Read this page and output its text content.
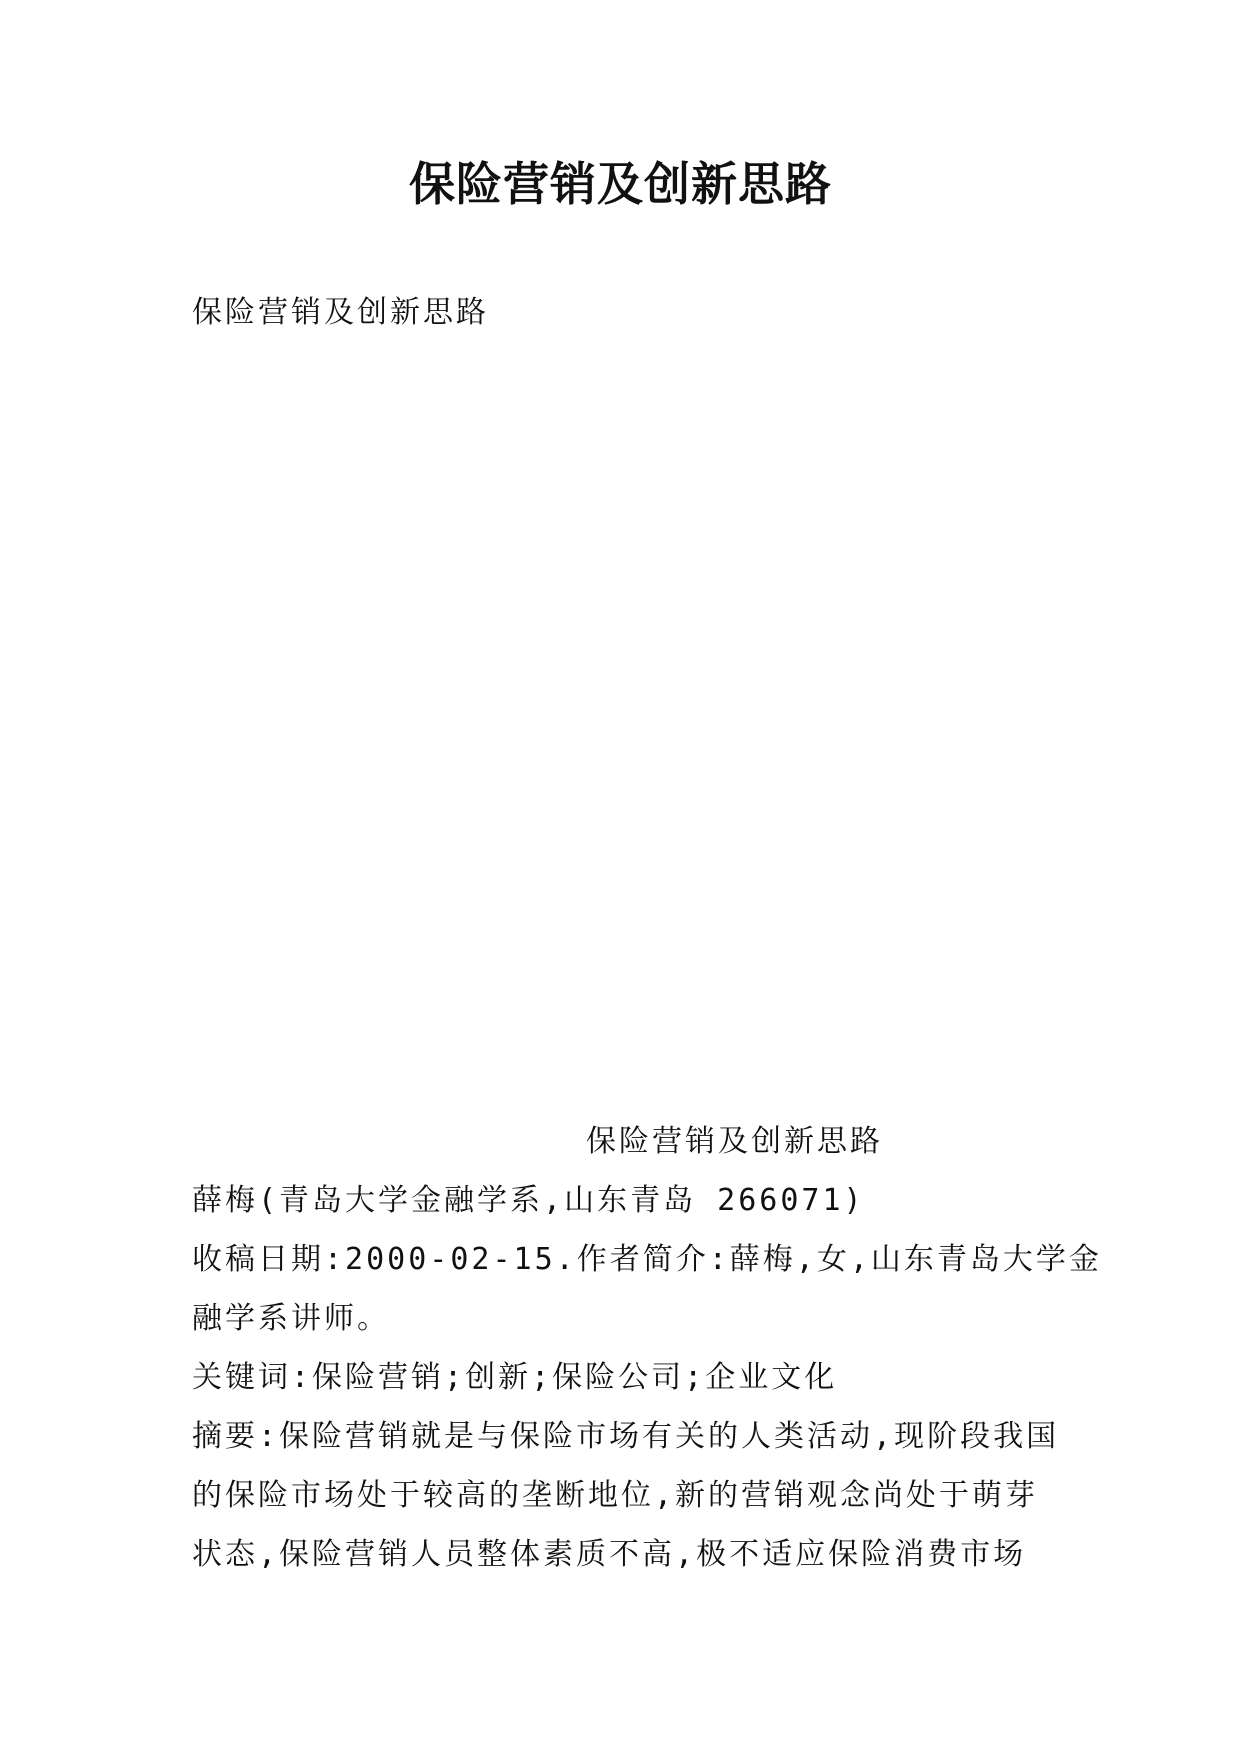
保险营销及创新思路
保险营销及创新思路
保险营销及创新思路
薛梅(青岛大学金融学系,山东青岛 266071)
收稿日期:2000-02-15.作者简介:薛梅,女,山东青岛大学金
融学系讲师。
关键词:保险营销;创新;保险公司;企业文化
摘要:保险营销就是与保险市场有关的人类活动,现阶段我国
的保险市场处于较高的垄断地位,新的营销观念尚处于萌芽
状态,保险营销人员整体素质不高,极不适应保险消费市场
